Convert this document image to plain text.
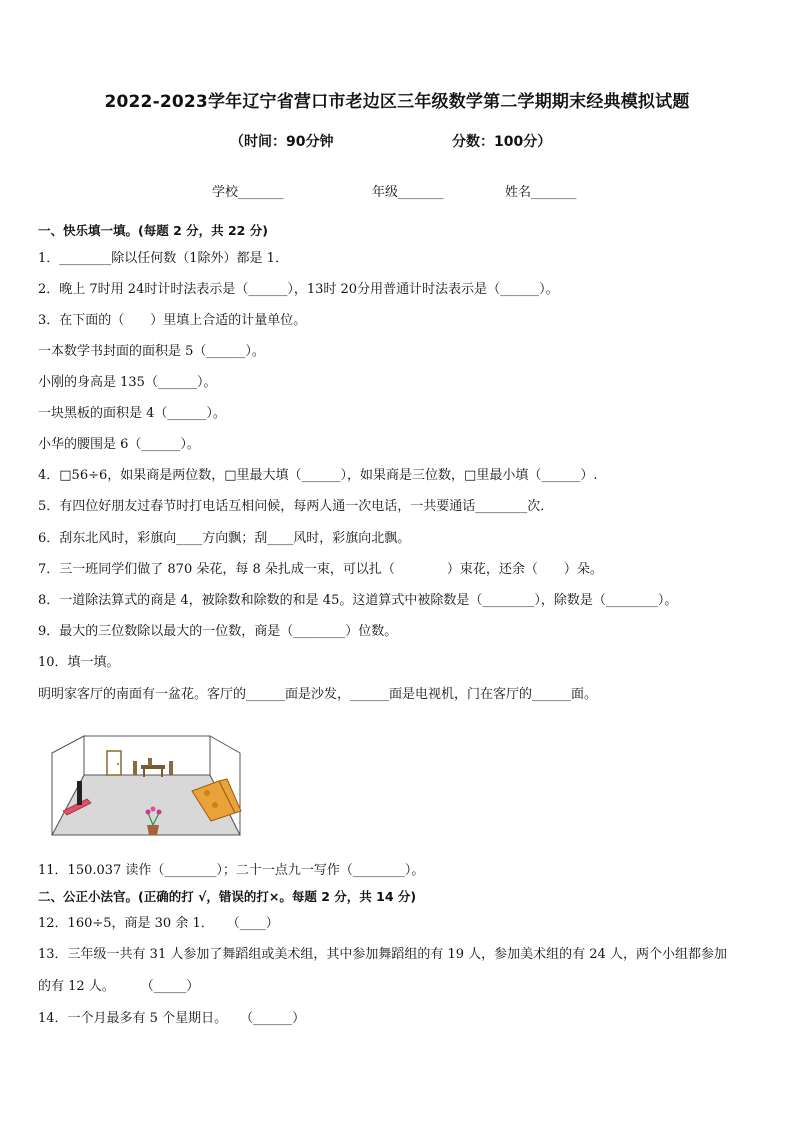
2022-2023学年辽宁省营口市老边区三年级数学第二学期期末经典模拟试题
（时间：90分钟	分数：100分）
学校_______	年级_______	姓名_______
一、快乐填一填。(每题 2 分，共 22 分)
1．________除以任何数（1除外）都是 1．
2．晚上 7时用 24时计时法表示是（______），13时 20分用普通计时法表示是（______）。
3．在下面的（　　）里填上合适的计量单位。
一本数学书封面的面积是 5（______）。
小刚的身高是 135（______）。
一块黑板的面积是 4（______）。
小华的腰围是 6（______）。
4．□56÷6，如果商是两位数，□里最大填（______），如果商是三位数，□里最小填（______）.
5．有四位好朋友过春节时打电话互相问候，每两人通一次电话，一共要通话________次．
6．刮东北风时，彩旗向____方向飘；刮____风时，彩旗向北飘。
7．三一班同学们做了 870 朵花，每 8 朵扎成一束，可以扎（　　　　）束花，还余（　　）朵。
8．一道除法算式的商是 4，被除数和除数的和是 45。这道算式中被除数是（________），除数是（________）。
9．最大的三位数除以最大的一位数，商是（________）位数。
10．填一填。
明明家客厅的南面有一盆花。客厅的______面是沙发，______面是电视机，门在客厅的______面。
11．150.037 读作（________）；二十一点九一写作（________）。
二、公正小法官。(正确的打 √，错误的打×。每题 2 分，共 14 分)
12．160÷5，商是 30 余 1．　　（____）
13．三年级一共有 31 人参加了舞蹈组或美术组，其中参加舞蹈组的有 19 人，参加美术组的有 24 人，两个小组都参加
的有 12 人。　　　（_____）
14．一个月最多有 5 个星期日。　　（______）
